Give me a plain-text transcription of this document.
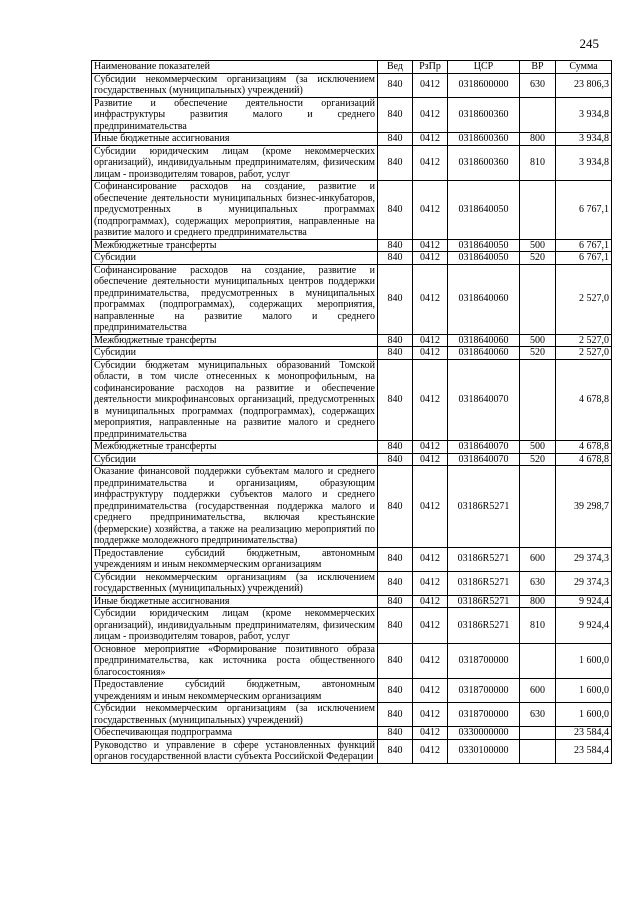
245
Наименование показателей	Вед	РзПр	ЦСР	ВР	Сумма
Субсидии некоммерческим организациям (за исключением государственных (муниципальных) учреждений)	840	0412	0318600000	630	23 806,3
Развитие и обеспечение деятельности организаций инфраструктуры развития малого и среднего предпринимательства	840	0412	0318600360		3 934,8
Иные бюджетные ассигнования	840	0412	0318600360	800	3 934,8
Субсидии юридическим лицам (кроме некоммерческих организаций), индивидуальным предпринимателям, физическим лицам - производителям товаров, работ, услуг	840	0412	0318600360	810	3 934,8
Софинансирование расходов на создание, развитие и обеспечение деятельности муниципальных бизнес-инкубаторов, предусмотренных в муниципальных программах (подпрограммах), содержащих мероприятия, направленные на развитие малого и среднего предпринимательства	840	0412	0318640050		6 767,1
Межбюджетные трансферты	840	0412	0318640050	500	6 767,1
Субсидии	840	0412	0318640050	520	6 767,1
Софинансирование расходов на создание, развитие и обеспечение деятельности муниципальных центров поддержки предпринимательства, предусмотренных в муниципальных программах (подпрограммах), содержащих мероприятия, направленные на развитие малого и среднего предпринимательства	840	0412	0318640060		2 527,0
Межбюджетные трансферты	840	0412	0318640060	500	2 527,0
Субсидии	840	0412	0318640060	520	2 527,0
Субсидии бюджетам муниципальных образований Томской области, в том числе отнесенных к монопрофильным, на софинансирование расходов на развитие и обеспечение деятельности микрофинансовых организаций, предусмотренных в муниципальных программах (подпрограммах), содержащих мероприятия, направленные на развитие малого и среднего предпринимательства	840	0412	0318640070		4 678,8
Межбюджетные трансферты	840	0412	0318640070	500	4 678,8
Субсидии	840	0412	0318640070	520	4 678,8
Оказание финансовой поддержки субъектам малого и среднего предпринимательства и организациям, образующим инфраструктуру поддержки субъектов малого и среднего предпринимательства (государственная поддержка малого и среднего предпринимательства, включая крестьянские (фермерские) хозяйства, а также на реализацию мероприятий по поддержке молодежного предпринимательства)	840	0412	03186R5271		39 298,7
Предоставление субсидий бюджетным, автономным учреждениям и иным некоммерческим организациям	840	0412	03186R5271	600	29 374,3
Субсидии некоммерческим организациям (за исключением государственных (муниципальных) учреждений)	840	0412	03186R5271	630	29 374,3
Иные бюджетные ассигнования	840	0412	03186R5271	800	9 924,4
Субсидии юридическим лицам (кроме некоммерческих организаций), индивидуальным предпринимателям, физическим лицам - производителям товаров, работ, услуг	840	0412	03186R5271	810	9 924,4
Основное мероприятие «Формирование позитивного образа предпринимательства, как источника роста общественного благосостояния»	840	0412	0318700000		1 600,0
Предоставление субсидий бюджетным, автономным учреждениям и иным некоммерческим организациям	840	0412	0318700000	600	1 600,0
Субсидии некоммерческим организациям (за исключением государственных (муниципальных) учреждений)	840	0412	0318700000	630	1 600,0
Обеспечивающая подпрограмма	840	0412	0330000000		23 584,4
Руководство и управление в сфере установленных функций органов государственной власти субъекта Российской Федерации	840	0412	0330100000		23 584,4
